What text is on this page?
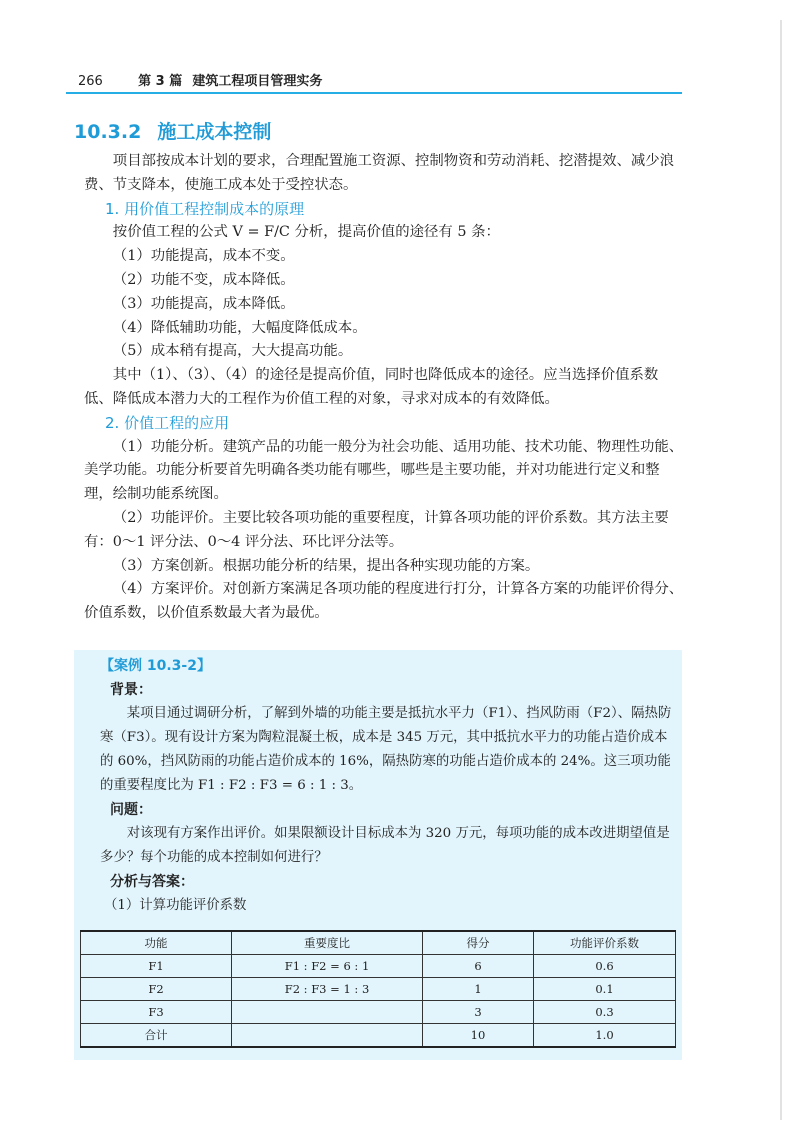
266	第 3 篇 建筑工程项目管理实务
10.3.2 施工成本控制

项目部按成本计划的要求，合理配置施工资源、控制物资和劳动消耗、挖潜提效、减少浪费、节支降本，使施工成本处于受控状态。

1. 用价值工程控制成本的原理

按价值工程的公式 V = F/C 分析，提高价值的途径有 5 条：

（1）功能提高，成本不变。

（2）功能不变，成本降低。

（3）功能提高，成本降低。

（4）降低辅助功能，大幅度降低成本。

（5）成本稍有提高，大大提高功能。

其中（1）、（3）、（4）的途径是提高价值，同时也降低成本的途径。应当选择价值系数低、降低成本潜力大的工程作为价值工程的对象，寻求对成本的有效降低。

2. 价值工程的应用

（1）功能分析。建筑产品的功能一般分为社会功能、适用功能、技术功能、物理性功能、美学功能。功能分析要首先明确各类功能有哪些，哪些是主要功能，并对功能进行定义和整理，绘制功能系统图。

（2）功能评价。主要比较各项功能的重要程度，计算各项功能的评价系数。其方法主要有：0～1 评分法、0～4 评分法、环比评分法等。

（3）方案创新。根据功能分析的结果，提出各种实现功能的方案。

（4）方案评价。对创新方案满足各项功能的程度进行打分，计算各方案的功能评价得分、价值系数，以价值系数最大者为最优。

【案例 10.3-2】

背景：

某项目通过调研分析，了解到外墙的功能主要是抵抗水平力（F1）、挡风防雨（F2）、隔热防寒（F3）。现有设计方案为陶粒混凝土板，成本是 345 万元，其中抵抗水平力的功能占造价成本的 60%，挡风防雨的功能占造价成本的 16%，隔热防寒的功能占造价成本的 24%。这三项功能的重要程度比为 F1 : F2 : F3 = 6 : 1 : 3。

问题：

对该现有方案作出评价。如果限额设计目标成本为 320 万元，每项功能的成本改进期望值是多少？每个功能的成本控制如何进行？

分析与答案：

（1）计算功能评价系数

功能	重要度比	得分	功能评价系数
F1	F1 : F2 = 6 : 1	6	0.6
F2	F2 : F3 = 1 : 3	1	0.1
F3		3	0.3
合计		10	1.0
